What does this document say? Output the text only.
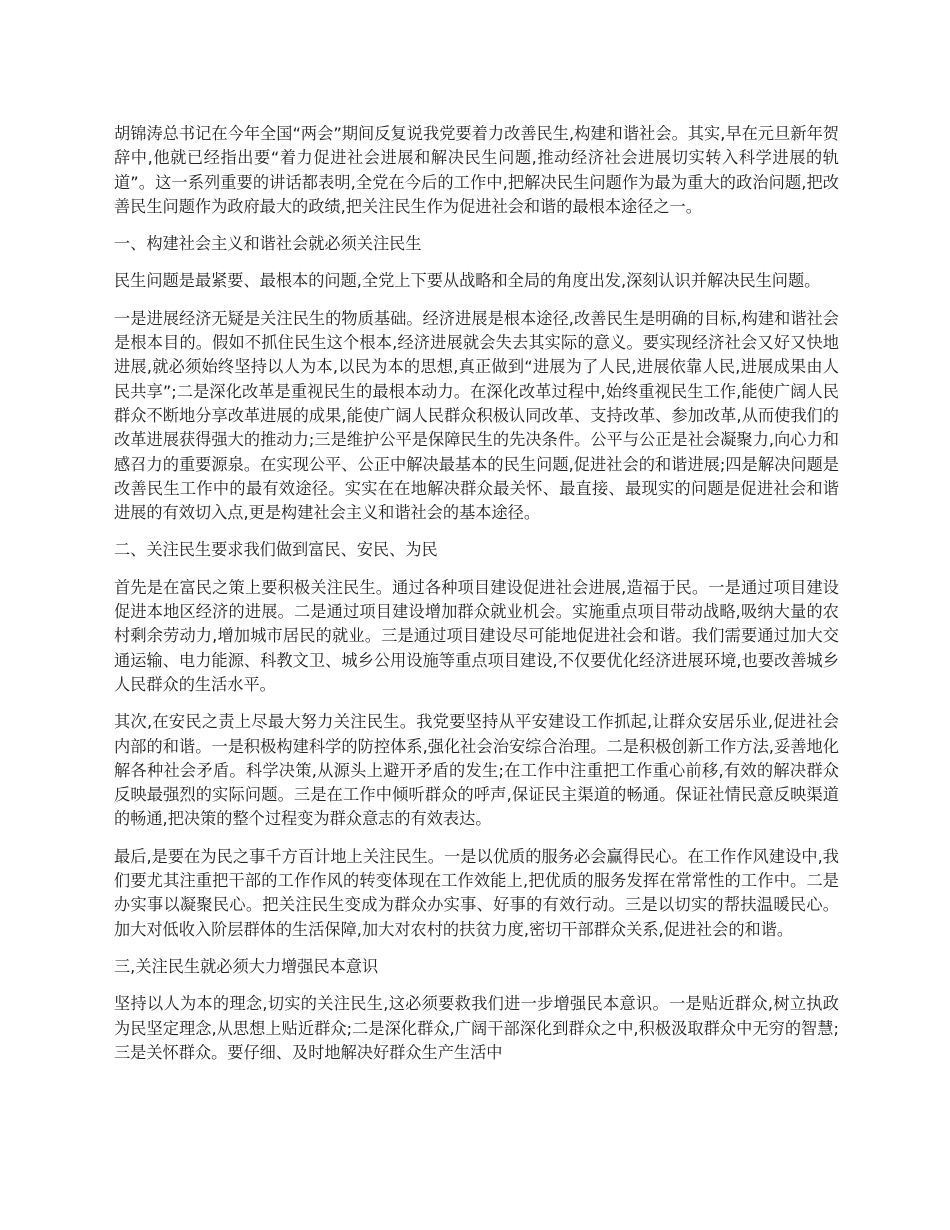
胡锦涛总书记在今年全国“两会”期间反复说我党要着力改善民生,构建和谐社会。其实,早在元旦新年贺辞中,他就已经指出要“着力促进社会进展和解决民生问题,推动经济社会进展切实转入科学进展的轨道”。这一系列重要的讲话都表明,全党在今后的工作中,把解决民生问题作为最为重大的政治问题,把改善民生问题作为政府最大的政绩,把关注民生作为促进社会和谐的最根本途径之一。

一、构建社会主义和谐社会就必须关注民生

民生问题是最紧要、最根本的问题,全党上下要从战略和全局的角度出发,深刻认识并解决民生问题。

一是进展经济无疑是关注民生的物质基础。经济进展是根本途径,改善民生是明确的目标,构建和谐社会是根本目的。假如不抓住民生这个根本,经济进展就会失去其实际的意义。要实现经济社会又好又快地进展,就必须始终坚持以人为本,以民为本的思想,真正做到“进展为了人民,进展依靠人民,进展成果由人民共享”;二是深化改革是重视民生的最根本动力。在深化改革过程中,始终重视民生工作,能使广阔人民群众不断地分享改革进展的成果,能使广阔人民群众积极认同改革、支持改革、参加改革,从而使我们的改革进展获得强大的推动力;三是维护公平是保障民生的先决条件。公平与公正是社会凝聚力,向心力和感召力的重要源泉。在实现公平、公正中解决最基本的民生问题,促进社会的和谐进展;四是解决问题是改善民生工作中的最有效途径。实实在在地解决群众最关怀、最直接、最现实的问题是促进社会和谐进展的有效切入点,更是构建社会主义和谐社会的基本途径。

二、关注民生要求我们做到富民、安民、为民

首先是在富民之策上要积极关注民生。通过各种项目建设促进社会进展,造福于民。一是通过项目建设促进本地区经济的进展。二是通过项目建设增加群众就业机会。实施重点项目带动战略,吸纳大量的农村剩余劳动力,增加城市居民的就业。三是通过项目建设尽可能地促进社会和谐。我们需要通过加大交通运输、电力能源、科教文卫、城乡公用设施等重点项目建设,不仅要优化经济进展环境,也要改善城乡人民群众的生活水平。

其次,在安民之责上尽最大努力关注民生。我党要坚持从平安建设工作抓起,让群众安居乐业,促进社会内部的和谐。一是积极构建科学的防控体系,强化社会治安综合治理。二是积极创新工作方法,妥善地化解各种社会矛盾。科学决策,从源头上避开矛盾的发生;在工作中注重把工作重心前移,有效的解决群众反映最强烈的实际问题。三是在工作中倾听群众的呼声,保证民主渠道的畅通。保证社情民意反映渠道的畅通,把决策的整个过程变为群众意志的有效表达。

最后,是要在为民之事千方百计地上关注民生。一是以优质的服务必会赢得民心。在工作作风建设中,我们要尤其注重把干部的工作作风的转变体现在工作效能上,把优质的服务发挥在常常性的工作中。二是办实事以凝聚民心。把关注民生变成为群众办实事、好事的有效行动。三是以切实的帮扶温暖民心。加大对低收入阶层群体的生活保障,加大对农村的扶贫力度,密切干部群众关系,促进社会的和谐。

三,关注民生就必须大力增强民本意识

坚持以人为本的理念,切实的关注民生,这必须要救我们进一步增强民本意识。一是贴近群众,树立执政为民坚定理念,从思想上贴近群众;二是深化群众,广阔干部深化到群众之中,积极汲取群众中无穷的智慧;三是关怀群众。要仔细、及时地解决好群众生产生活中
